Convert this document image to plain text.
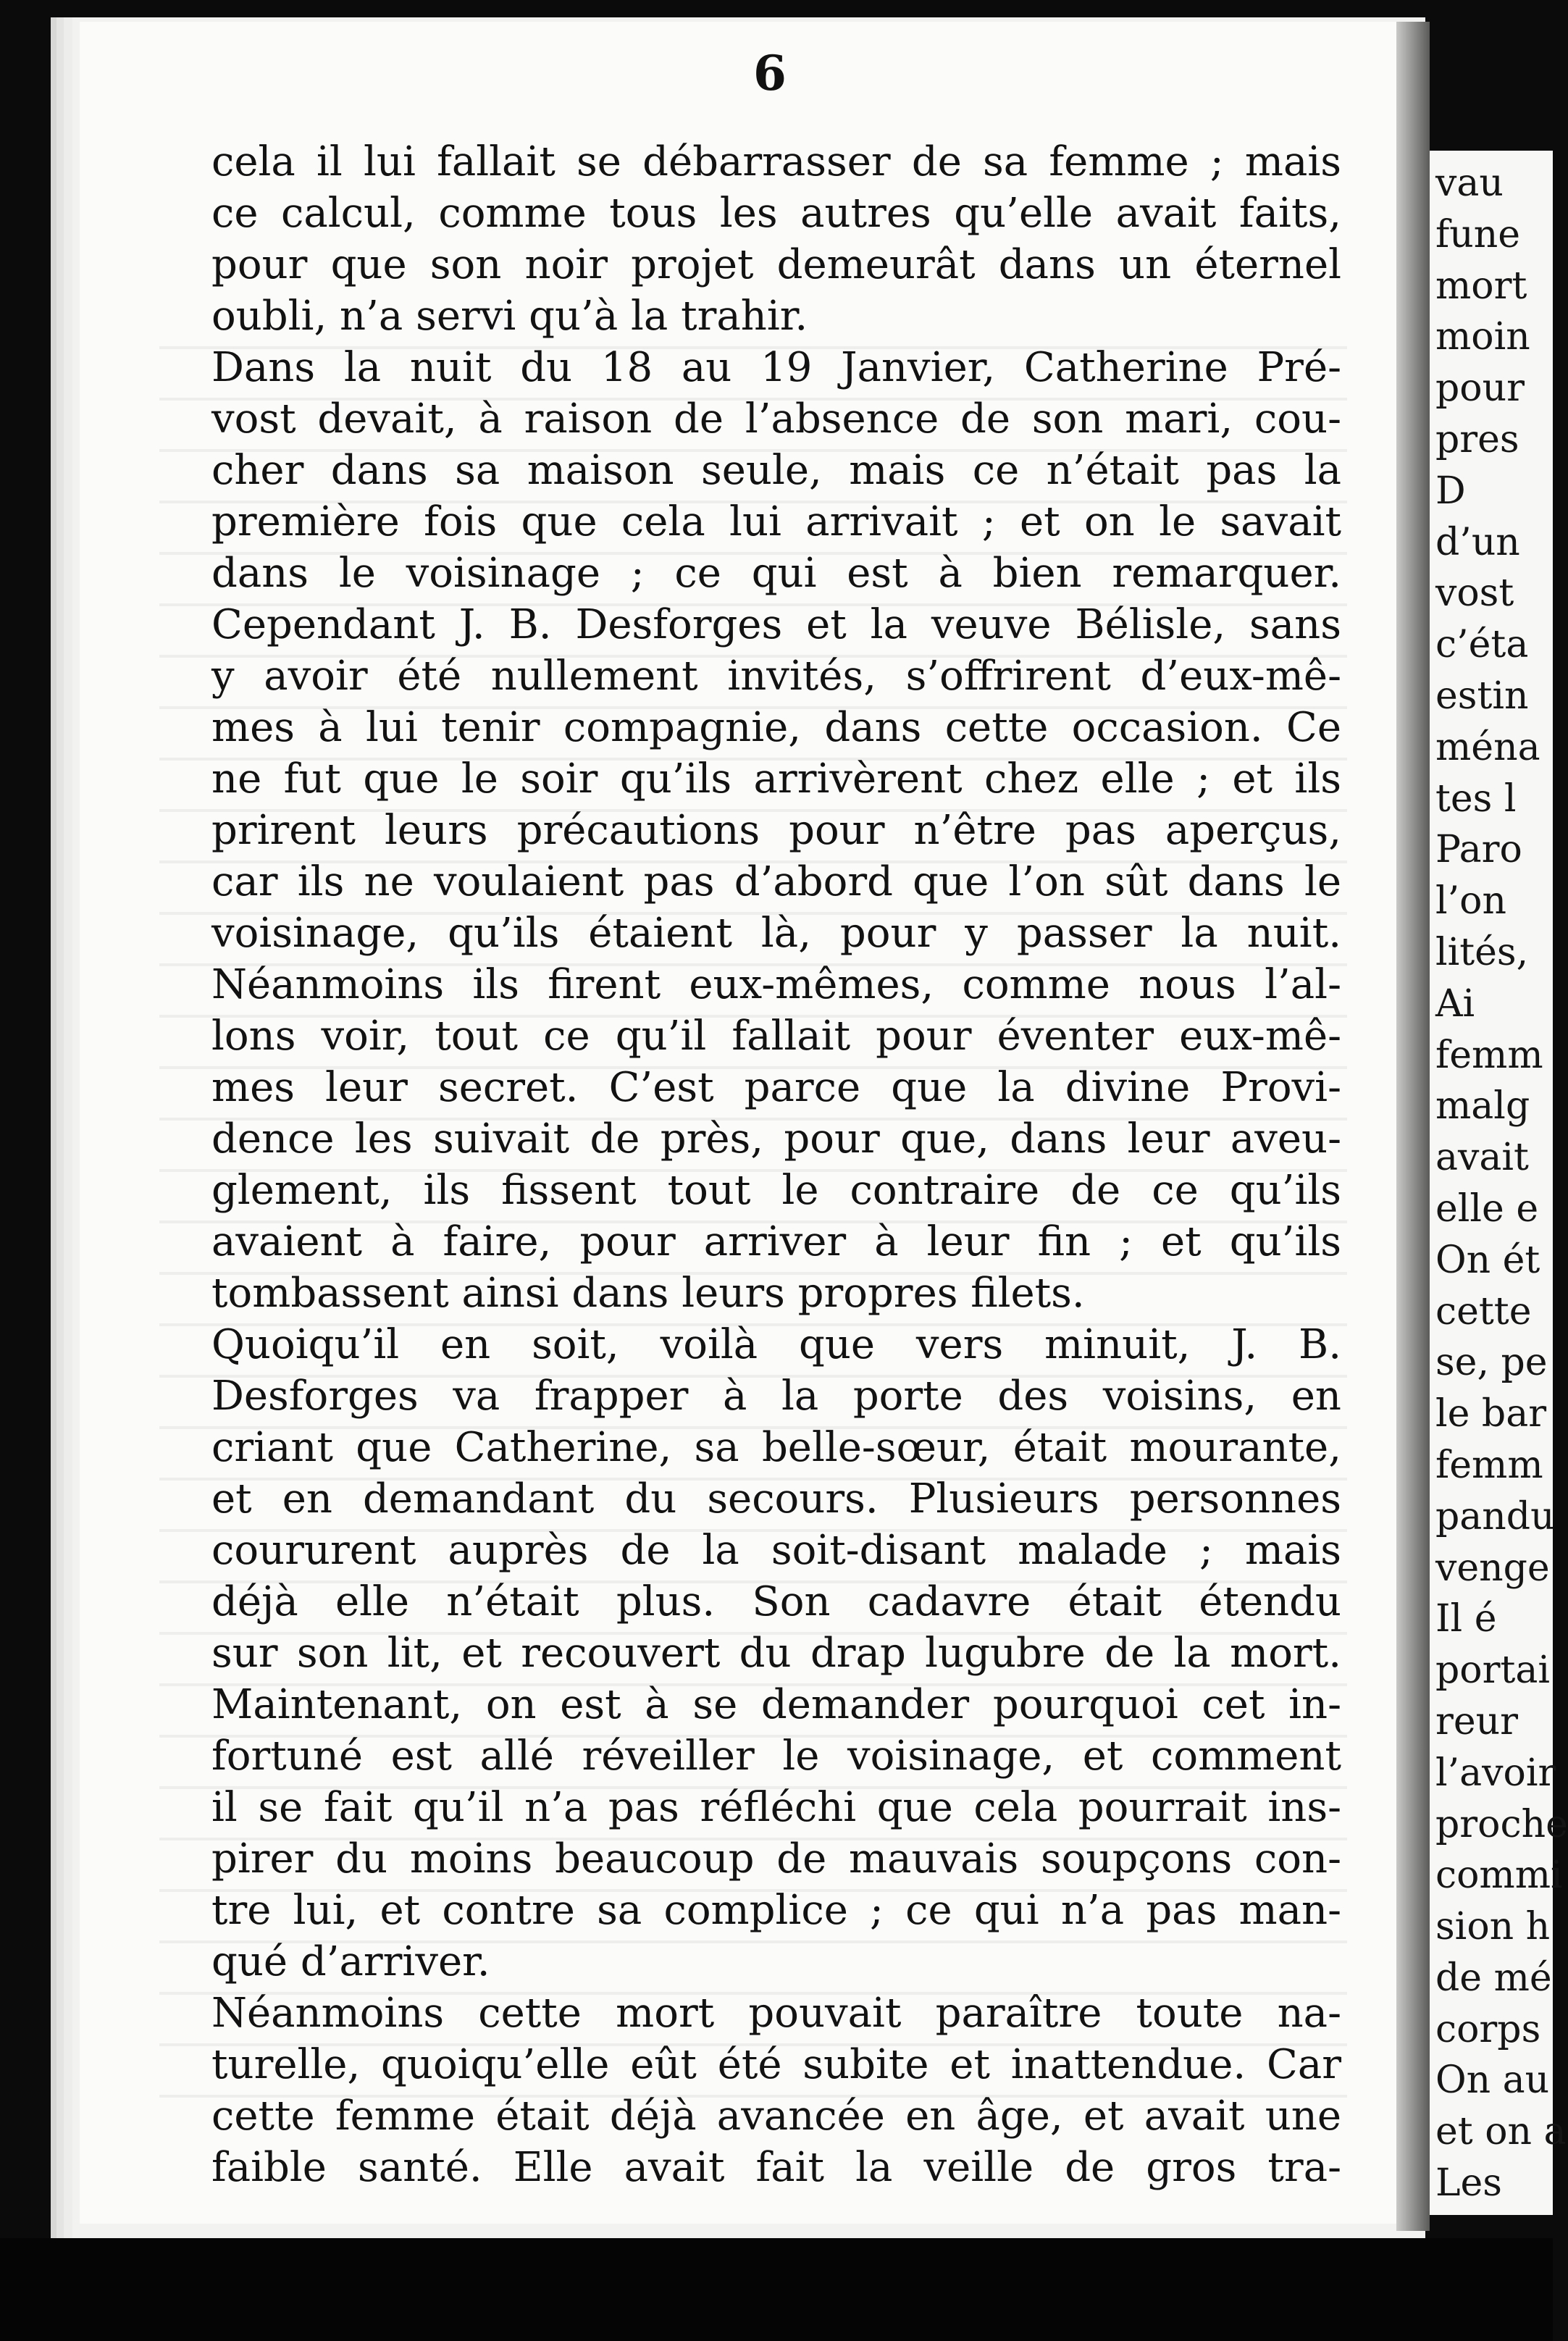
6
cela il lui fallait se débarrasser de sa femme ; mais
ce calcul, comme tous les autres qu’elle avait faits,
pour que son noir projet demeurât dans un éternel
oubli, n’a servi qu’à la trahir.
Dans la nuit du 18 au 19 Janvier, Catherine Pré-
vost devait, à raison de l’absence de son mari, cou-
cher dans sa maison seule, mais ce n’était pas la
première fois que cela lui arrivait ; et on le savait
dans le voisinage ; ce qui est à bien remarquer.
Cependant J. B. Desforges et la veuve Bélisle, sans
y avoir été nullement invités, s’offrirent d’eux-mê-
mes à lui tenir compagnie, dans cette occasion. Ce
ne fut que le soir qu’ils arrivèrent chez elle ; et ils
prirent leurs précautions pour n’être pas aperçus,
car ils ne voulaient pas d’abord que l’on sût dans le
voisinage, qu’ils étaient là, pour y passer la nuit.
Néanmoins ils firent eux-mêmes, comme nous l’al-
lons voir, tout ce qu’il fallait pour éventer eux-mê-
mes leur secret. C’est parce que la divine Provi-
dence les suivait de près, pour que, dans leur aveu-
glement, ils fissent tout le contraire de ce qu’ils
avaient à faire, pour arriver à leur fin ; et qu’ils
tombassent ainsi dans leurs propres filets.
Quoiqu’il en soit, voilà que vers minuit, J. B.
Desforges va frapper à la porte des voisins, en
criant que Catherine, sa belle-sœur, était mourante,
et en demandant du secours. Plusieurs personnes
coururent auprès de la soit-disant malade ; mais
déjà elle n’était plus. Son cadavre était étendu
sur son lit, et recouvert du drap lugubre de la mort.
Maintenant, on est à se demander pourquoi cet in-
fortuné est allé réveiller le voisinage, et comment
il se fait qu’il n’a pas réfléchi que cela pourrait ins-
pirer du moins beaucoup de mauvais soupçons con-
tre lui, et contre sa complice ; ce qui n’a pas man-
qué d’arriver.
Néanmoins cette mort pouvait paraître toute na-
turelle, quoiqu’elle eût été subite et inattendue. Car
cette femme était déjà avancée en âge, et avait une
faible santé. Elle avait fait la veille de gros tra-
vau
fune
mort
moin
pour
pres
D
d’un
vost
c’éta
estin
ména
tes l
Paro
l’on
lités,
Ai
femm
malg
avait
elle e
On ét
cette
se, pe
le bar
femm
pandu
venge
Il é
portai
reur
l’avoir
proche
commi
sion h
de mé
corps
On au
et on a
Les
